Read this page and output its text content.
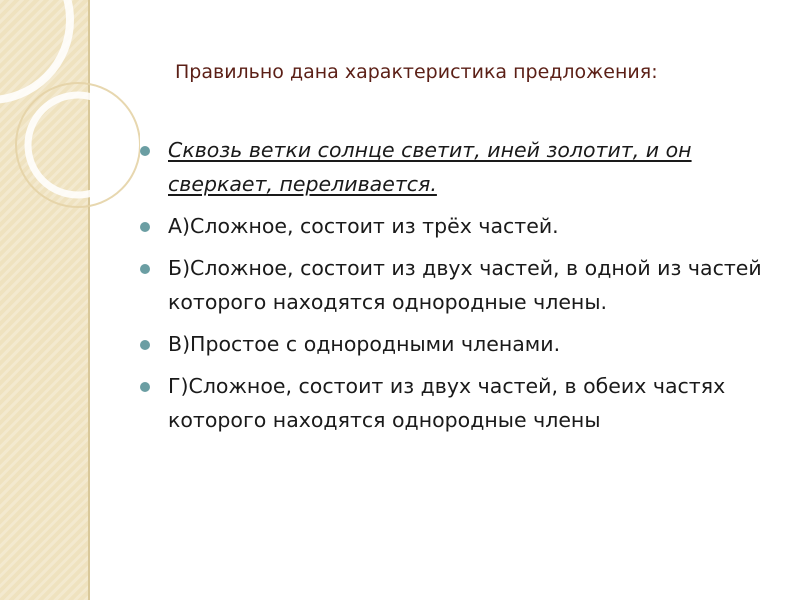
Правильно дана характеристика предложения:
Сквозь ветки солнце светит, иней золотит, и он сверкает, переливается.
А)Сложное, состоит из трёх частей.
Б)Сложное, состоит из двух частей, в одной из частей которого находятся однородные члены.
В)Простое с однородными членами.
Г)Сложное, состоит из двух частей, в обеих частях которого находятся однородные члены
